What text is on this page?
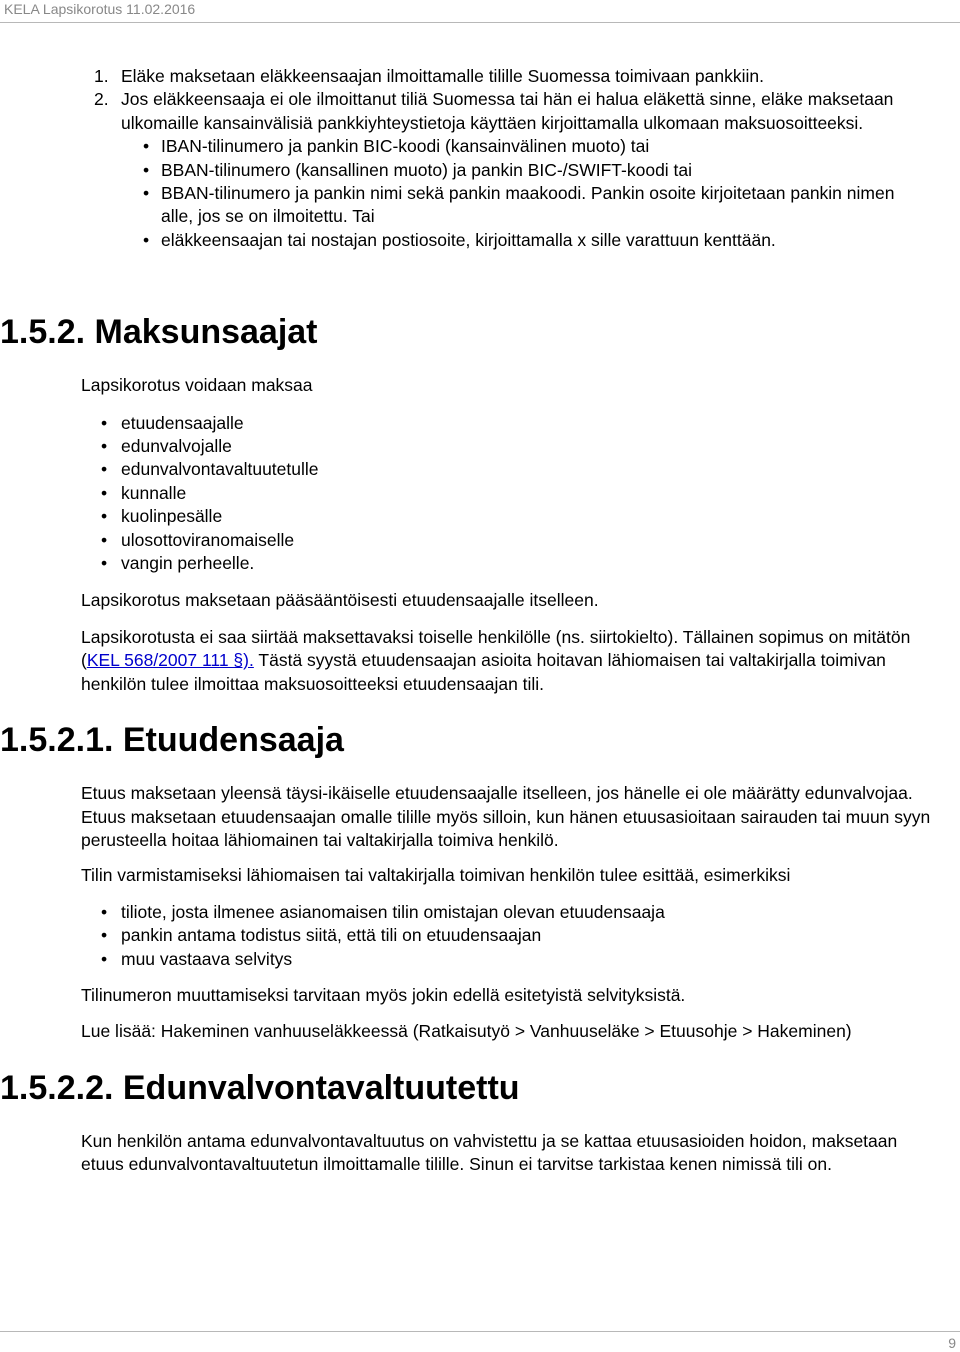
KELA Lapsikorotus 11.02.2016
1. Eläke maksetaan eläkkeensaajan ilmoittamalle tilille Suomessa toimivaan pankkiin.
2. Jos eläkkeensaaja ei ole ilmoittanut tiliä Suomessa tai hän ei halua eläkettä sinne, eläke maksetaan ulkomaille kansainvälisiä pankkiyhteystietoja käyttäen kirjoittamalla ulkomaan maksuosoitteeksi.
• IBAN-tilinumero ja pankin BIC-koodi (kansainvälinen muoto) tai
• BBAN-tilinumero (kansallinen muoto) ja pankin BIC-/SWIFT-koodi tai
• BBAN-tilinumero ja pankin nimi sekä pankin maakoodi. Pankin osoite kirjoitetaan pankin nimen alle, jos se on ilmoitettu. Tai
• eläkkeensaajan tai nostajan postiosoite, kirjoittamalla x sille varattuun kenttään.
1.5.2. Maksunsaajat

Lapsikorotus voidaan maksaa

• etuudensaajalle
• edunvalvojalle
• edunvalvontavaltuutetulle
• kunnalle
• kuolinpesälle
• ulosottoviranomaiselle
• vangin perheelle.

Lapsikorotus maksetaan pääsääntöisesti etuudensaajalle itselleen.

Lapsikorotusta ei saa siirtää maksettavaksi toiselle henkilölle (ns. siirtokielto). Tällainen sopimus on mitätön (KEL 568/2007 111 §). Tästä syystä etuudensaajan asioita hoitavan lähiomaisen tai valtakirjalla toimivan henkilön tulee ilmoittaa maksuosoitteeksi etuudensaajan tili.

1.5.2.1. Etuudensaaja

Etuus maksetaan yleensä täysi-ikäiselle etuudensaajalle itselleen, jos hänelle ei ole määrätty edunvalvojaa. Etuus maksetaan etuudensaajan omalle tilille myös silloin, kun hänen etuusasioitaan sairauden tai muun syyn perusteella hoitaa lähiomainen tai valtakirjalla toimiva henkilö.

Tilin varmistamiseksi lähiomaisen tai valtakirjalla toimivan henkilön tulee esittää, esimerkiksi

• tiliote, josta ilmenee asianomaisen tilin omistajan olevan etuudensaaja
• pankin antama todistus siitä, että tili on etuudensaajan
• muu vastaava selvitys

Tilinumeron muuttamiseksi tarvitaan myös jokin edellä esitetyistä selvityksistä.

Lue lisää: Hakeminen vanhuuseläkkeessä (Ratkaisutyö > Vanhuuseläke > Etuusohje > Hakeminen)

1.5.2.2. Edunvalvontavaltuutettu

Kun henkilön antama edunvalvontavaltuutus on vahvistettu ja se kattaa etuusasioiden hoidon, maksetaan etuus edunvalvontavaltuutetun ilmoittamalle tilille. Sinun ei tarvitse tarkistaa kenen nimissä tili on.

9
